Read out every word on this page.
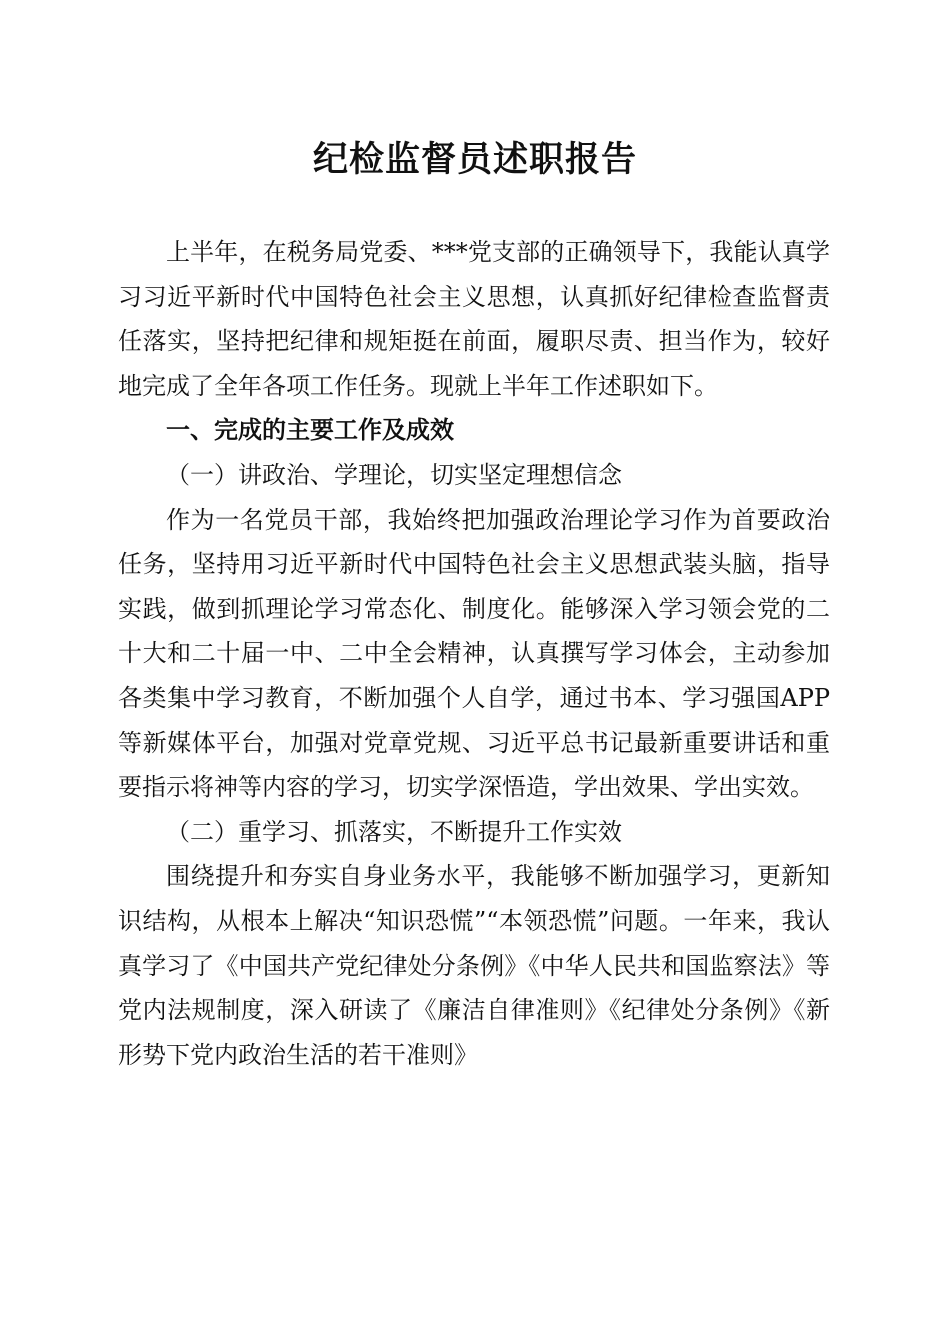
纪检监督员述职报告

上半年，在税务局党委、***党支部的正确领导下，我能认真学习习近平新时代中国特色社会主义思想，认真抓好纪律检查监督责任落实，坚持把纪律和规矩挺在前面，履职尽责、担当作为，较好地完成了全年各项工作任务。现就上半年工作述职如下。

一、完成的主要工作及成效

（一）讲政治、学理论，切实坚定理想信念

作为一名党员干部，我始终把加强政治理论学习作为首要政治任务，坚持用习近平新时代中国特色社会主义思想武装头脑，指导实践，做到抓理论学习常态化、制度化。能够深入学习领会党的二十大和二十届一中、二中全会精神，认真撰写学习体会，主动参加各类集中学习教育，不断加强个人自学，通过书本、学习强国APP等新媒体平台，加强对党章党规、习近平总书记最新重要讲话和重要指示将神等内容的学习，切实学深悟造，学出效果、学出实效。

（二）重学习、抓落实，不断提升工作实效

围绕提升和夯实自身业务水平，我能够不断加强学习，更新知识结构，从根本上解决“知识恐慌”“本领恐慌”问题。一年来，我认真学习了《中国共产党纪律处分条例》《中华人民共和国监察法》等党内法规制度，深入研读了《廉洁自律准则》《纪律处分条例》《新形势下党内政治生活的若干准则》
